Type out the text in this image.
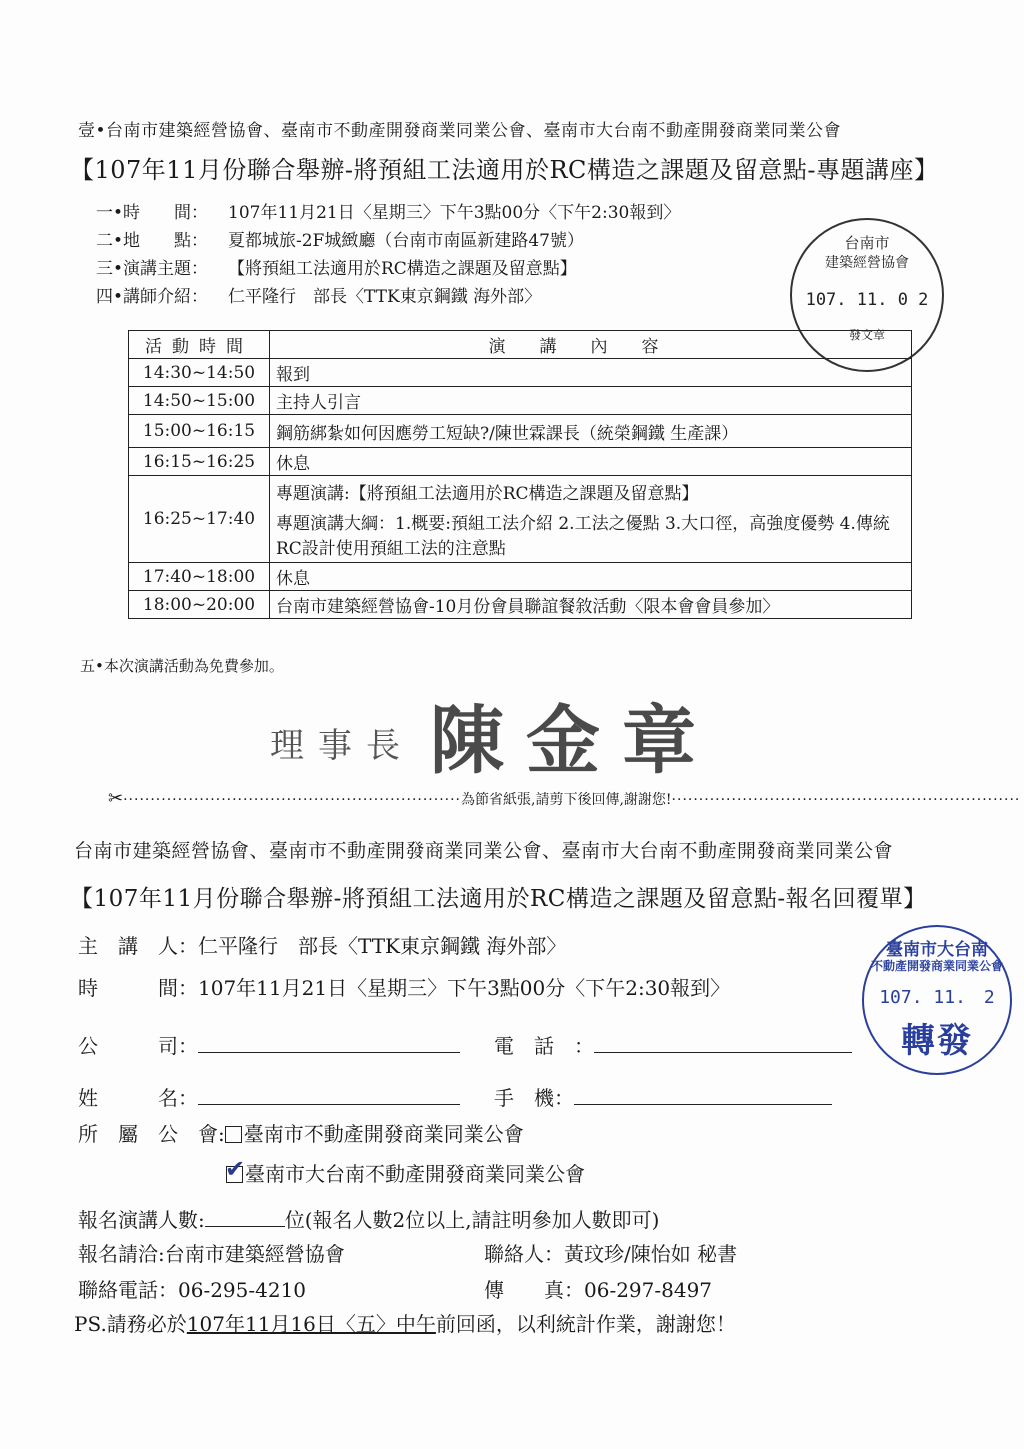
壹•台南市建築經營協會、臺南市不動產開發商業同業公會、臺南市大台南不動產開發商業同業公會
【107年11月份聯合舉辦-將預組工法適用於RC構造之課題及留意點-專題講座】
一•時　　間： 107年11月21日〈星期三〉下午3點00分〈下午2:30報到〉
二•地　　點： 夏都城旅-2F城緻廳（台南市南區新建路47號）
三•演講主題： 【將預組工法適用於RC構造之課題及留意點】
四•講師介紹： 仁平隆行　部長〈TTK東京鋼鐵 海外部〉
台南市
建築經營協會
107. 11. 0 2
發文章
活動時間	演講內容
14:30~14:50	報到
14:50~15:00	主持人引言
15:00~16:15	鋼筋綁紮如何因應勞工短缺?/陳世霖課長（統榮鋼鐵 生產課）
16:15~16:25	休息
16:25~17:40	專題演講:【將預組工法適用於RC構造之課題及留意點】
專題演講大綱：1.概要:預組工法介紹 2.工法之優點 3.大口徑，高強度優勢 4.傳統RC設計使用預組工法的注意點

17:40~18:00	休息
18:00~20:00	台南市建築經營協會-10月份會員聯誼餐敘活動〈限本會會員參加〉
五•本次演講活動為免費參加。
理事長 陳金章
✂······························································為節省紙張,請剪下後回傳,謝謝您!································································
台南市建築經營協會、臺南市不動產開發商業同業公會、臺南市大台南不動產開發商業同業公會
【107年11月份聯合舉辦-將預組工法適用於RC構造之課題及留意點-報名回覆單】
主　講　人：仁平隆行　部長〈TTK東京鋼鐵 海外部〉
時　　　間：107年11月21日〈星期三〉下午3點00分〈下午2:30報到〉
臺南市大台南
不動產開發商業同業公會
107. 11.　2
轉發
公　　　司：	電　話　：
姓　　　名：	手　機：
所　屬　公　會: 臺南市不動產開發商業同業公會
✔ 臺南市大台南不動產開發商業同業公會
報名演講人數:	位(報名人數2位以上,請註明參加人數即可)
報名請洽:台南市建築經營協會	聯絡人：黃玟珍/陳怡如 秘書
聯絡電話：06-295-4210	傳　　真：06-297-8497
PS.請務必於107年11月16日〈五〉中午前回函，以利統計作業，謝謝您！
